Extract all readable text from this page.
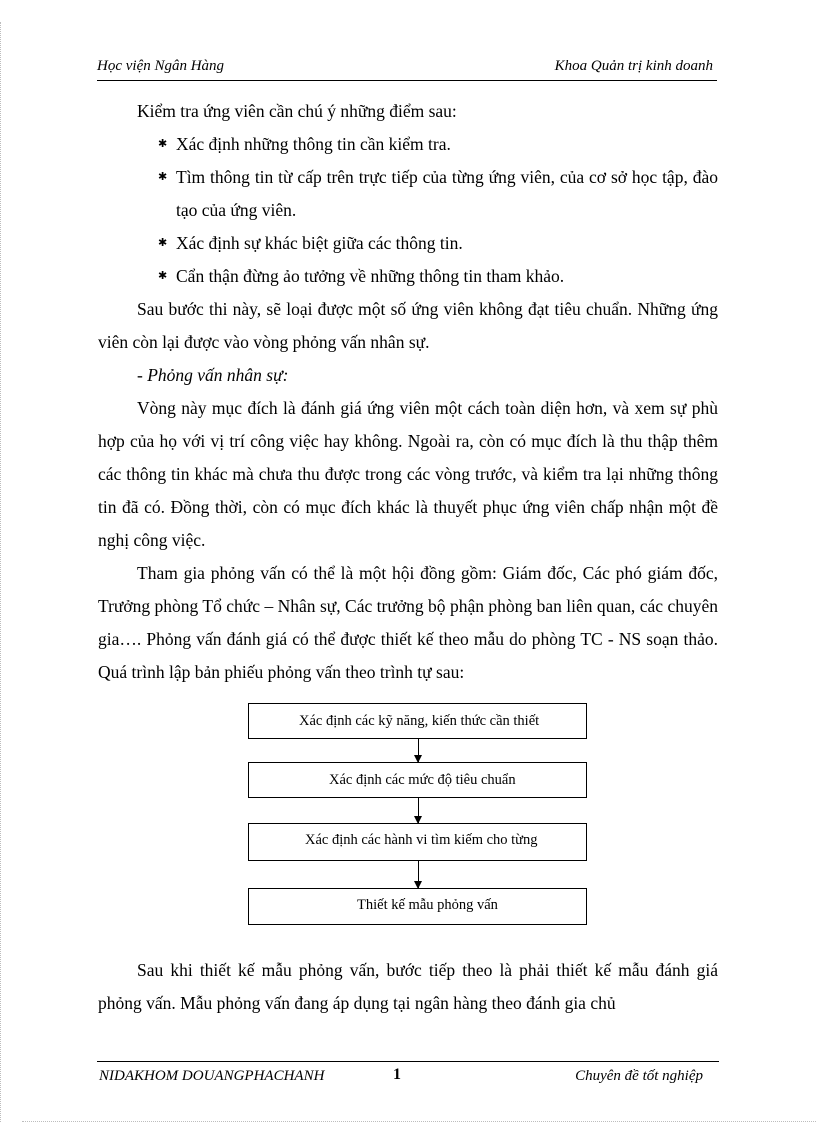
Học viện Ngân Hàng	Khoa Quản trị kinh doanh

Kiểm tra ứng viên cần chú ý những điểm sau:

✱ Xác định những thông tin cần kiểm tra.
✱ Tìm thông tin từ cấp trên trực tiếp của từng ứng viên, của cơ sở học tập, đào tạo của ứng viên.
✱ Xác định sự khác biệt giữa các thông tin.
✱ Cẩn thận đừng ảo tưởng về những thông tin tham khảo.

Sau bước thi này, sẽ loại được một số ứng viên không đạt tiêu chuẩn. Những ứng viên còn lại được vào vòng phỏng vấn nhân sự.

- Phỏng vấn nhân sự:

Vòng này mục đích là đánh giá ứng viên một cách toàn diện hơn, và xem sự phù hợp của họ với vị trí công việc hay không. Ngoài ra, còn có mục đích là thu thập thêm các thông tin khác mà chưa thu được trong các vòng trước, và kiểm tra lại những thông tin đã có. Đồng thời, còn có mục đích khác là thuyết phục ứng viên chấp nhận một đề nghị công việc.

Tham gia phỏng vấn có thể là một hội đồng gồm: Giám đốc, Các phó giám đốc, Trưởng phòng Tổ chức – Nhân sự, Các trưởng bộ phận phòng ban liên quan, các chuyên gia…. Phỏng vấn đánh giá có thể được thiết kế theo mẫu do phòng TC - NS soạn thảo. Quá trình lập bản phiếu phỏng vấn theo trình tự sau:

Xác định các kỹ năng, kiến thức cần thiết
Xác định các mức độ tiêu chuẩn
Xác định các hành vi tìm kiếm cho từng
Thiết kế mẫu phỏng vấn

Sau khi thiết kế mẫu phỏng vấn, bước tiếp theo là phải thiết kế mẫu đánh giá phỏng vấn. Mẫu phỏng vấn đang áp dụng tại ngân hàng theo đánh gia chủ

NIDAKHOM DOUANGPHACHANH	1	Chuyên đề tốt nghiệp
